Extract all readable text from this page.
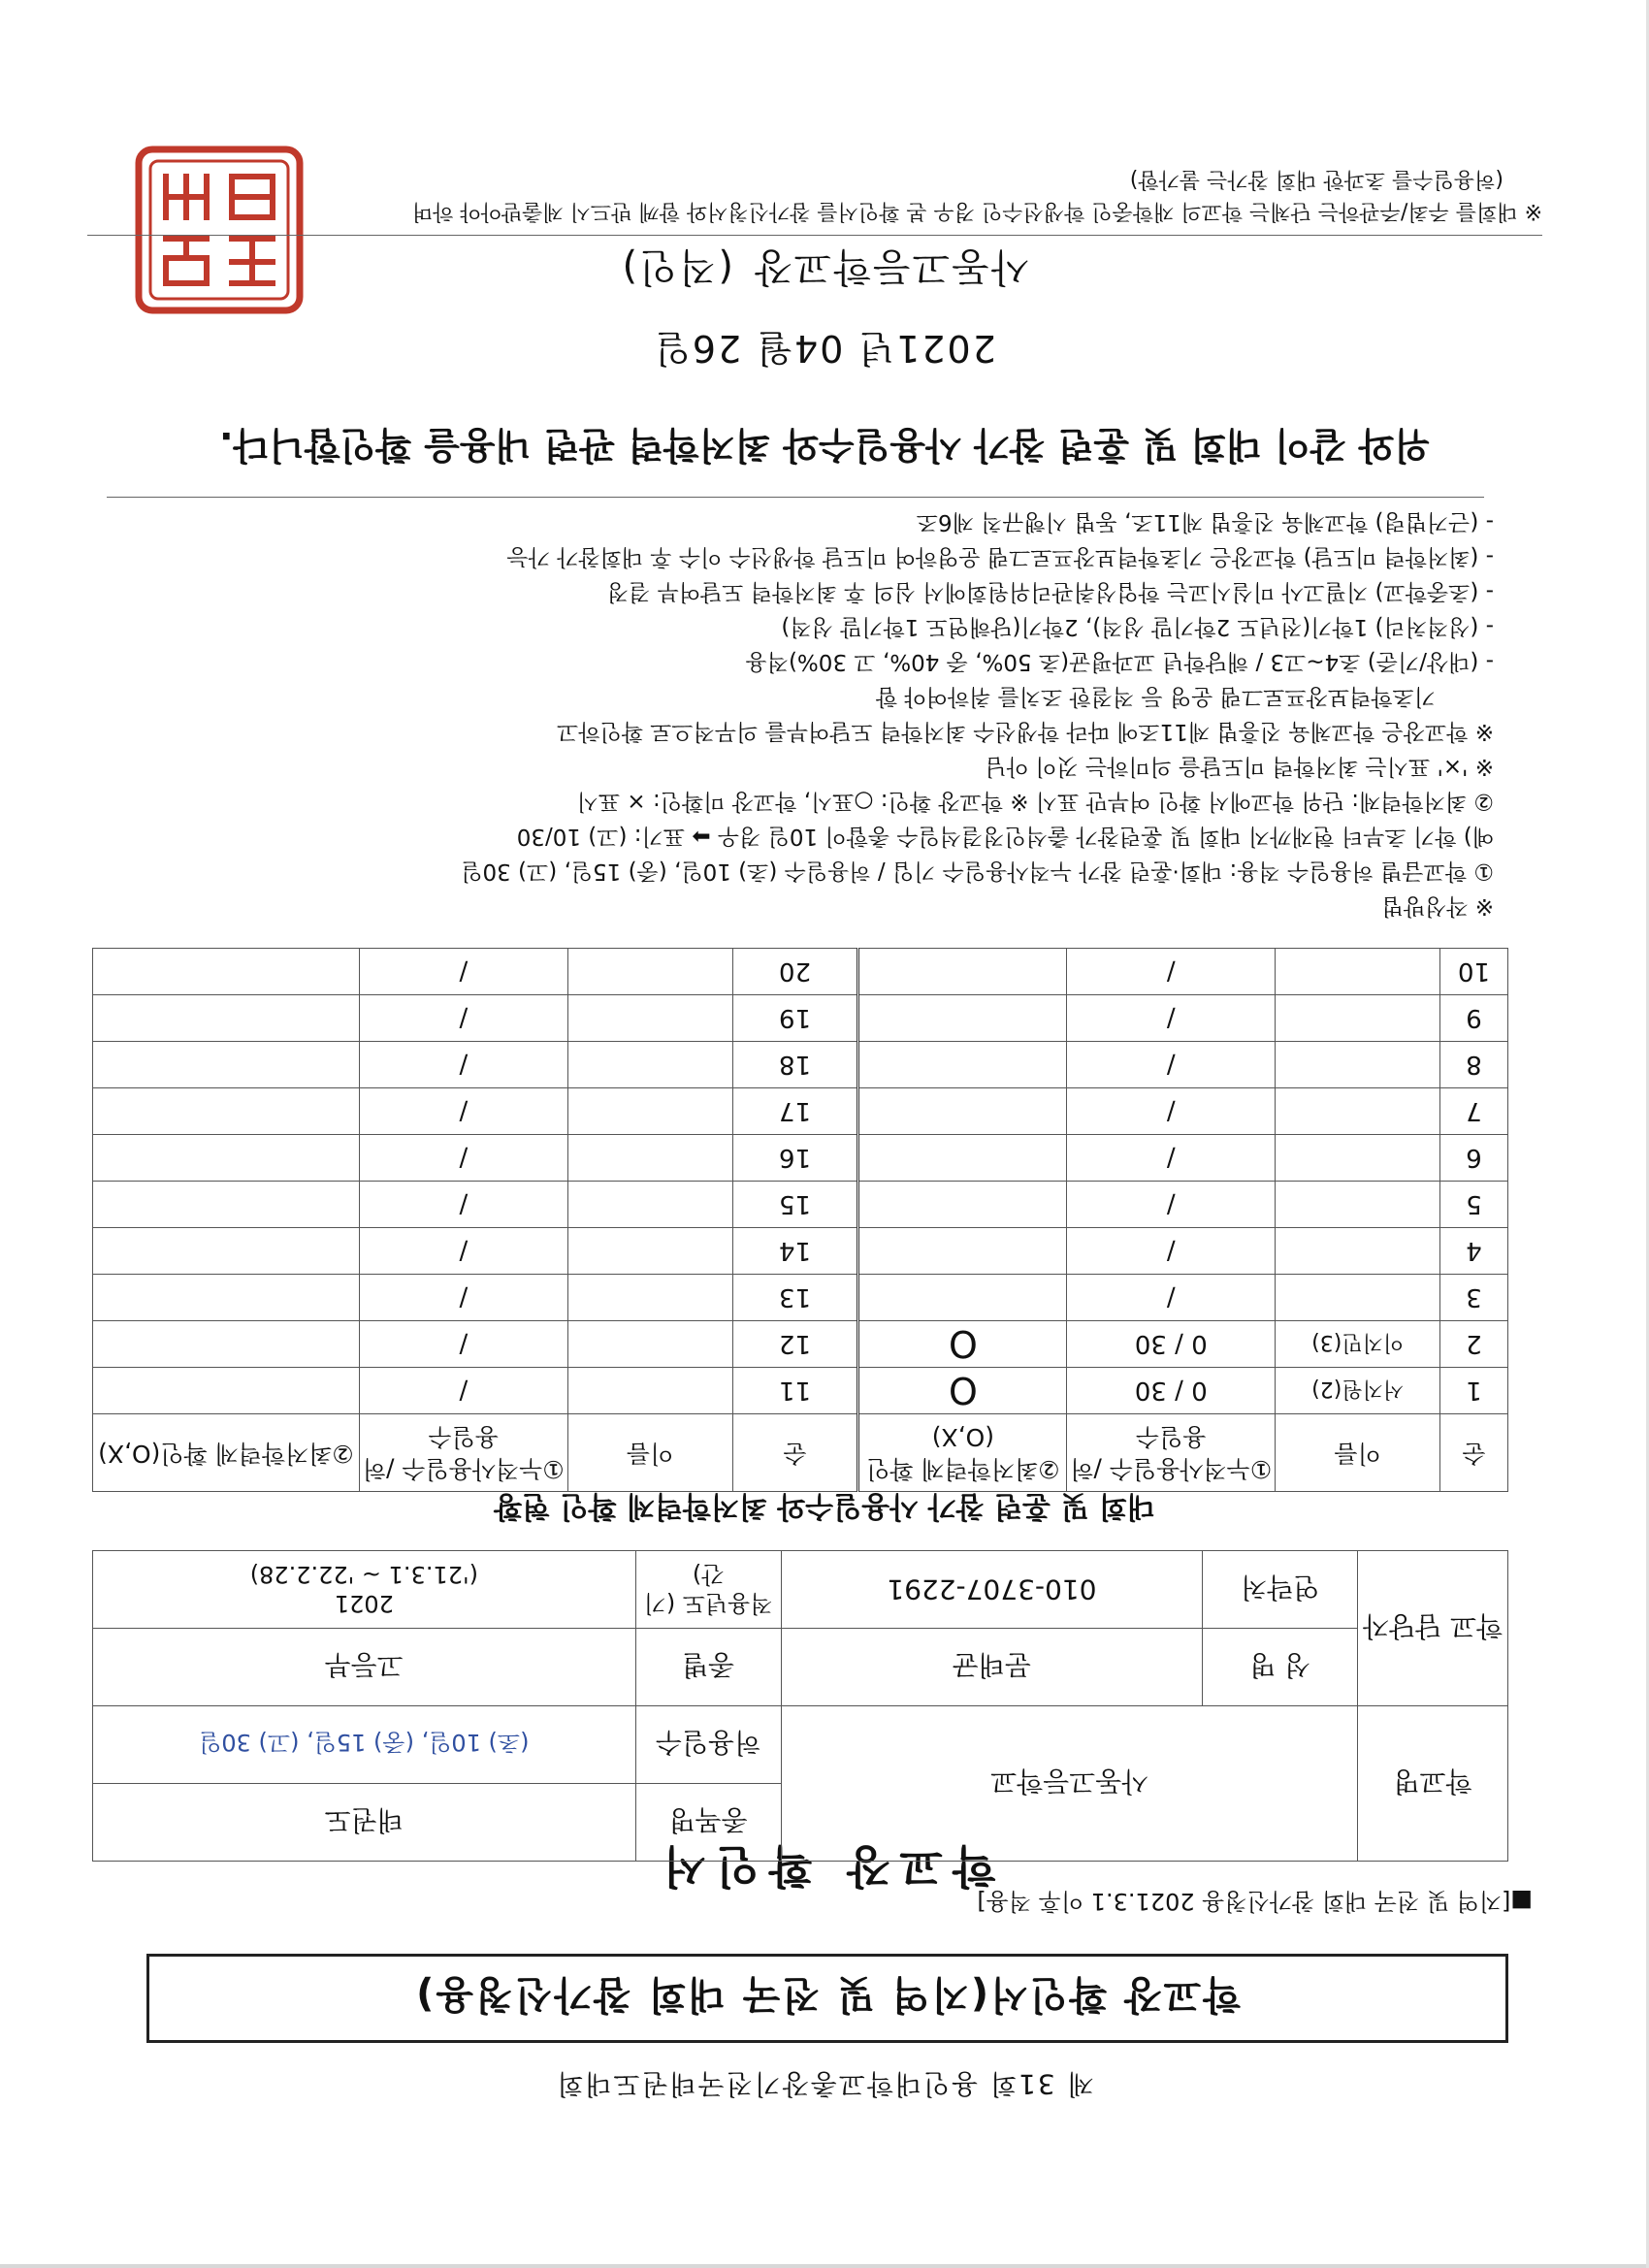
제 31회 용인대학교총장기전국태권도대회
학교장 확인서(지역 및 전국 대회 참가신청용)
■[지역 및 전국 대회 참가신청용 2021.3.1 이후 적용]
학교장 확인서
학교명	사동고등학교		종목명	태권도
			허용일수	(초) 10일, (중) 15일, (고) 30일
학교 담당자	성 명	문태균	종별	고등부
	연락처	010-3707-2291	적용년도 (기간)	2021
('21.3.1 ~ '22.2.28)
대회 및 훈련 참가 사용일수와 최저학력제 확인 현황
순	이름	①누적사용일수 /허용일수	②최저학력제 확인(O,X)	순	이름	①누적사용일수 /허용일수	②최저학력제 확인(O,X)
1	서지원(2)	0 / 30	O	11		/	
2	이지민(3)	0 / 30	O	12		/	
3		/		13		/	
4		/		14		/	
5		/		15		/	
6		/		16		/	
7		/		17		/	
8		/		18		/	
9		/		19		/	
10		/		20		/	
※ 작성방법
① 학교급별 허용일수 적용: 대회·훈련 참가 누적사용일수 기입 / 허용일수 (초) 10일, (중) 15일, (고) 30일
예) 학기 초부터 현재까지 대회 및 훈련참가 출석인정결석일수 총합이 10일 경우 ➡ 표기: (고) 10/30
② 최저학력제: 단위 학교에서 확인 여부만 표시 ※ 학교장 확인: ○표시, 학교장 미확인: × 표시
※ '×' 표시는 최저학력 미도달을 의미하는 것이 아님
※ 학교장은 학교체육 진흥법 제11조에 따라 학생선수 최저학력 도달여부를 의무적으로 확인하고
기초학력보장프로그램 운영 등 적절한 조치를 취하여야 함
- (대상/기준) 초4~고3 / 해당학년 교과평균(초 50%, 중 40%, 고 30%)적용
- (성적처리) 1학기(전년도 2학기말 성적), 2학기(당해연도 1학기말 성적)
- (초중학교) 지필고사 미실시교는 학업성취관리위원회에서 심의 후 최저학력 도달여부 결정
- (최저학력 미도달) 학교장은 기초학력보장프로그램 운영하여 미도달 학생선수 이수 후 대회참가 가능
- (근거법령) 학교체육 진흥법 제11조, 동법 시행규칙 제6조
위와 같이 대회 및 훈련 참가 사용일수와 최저학력 관련 내용을 확인합니다.
2021년 04월 26일
사동고등학교장(직인)
※ 대회를 주최/주관하는 단체는 학교의 재학중인 학생선수인 경우 본 확인서를 참가신청서와 함께 반드시 제출받아야 하며
(허용일수를 초과한 대회 참가는 불가함)
